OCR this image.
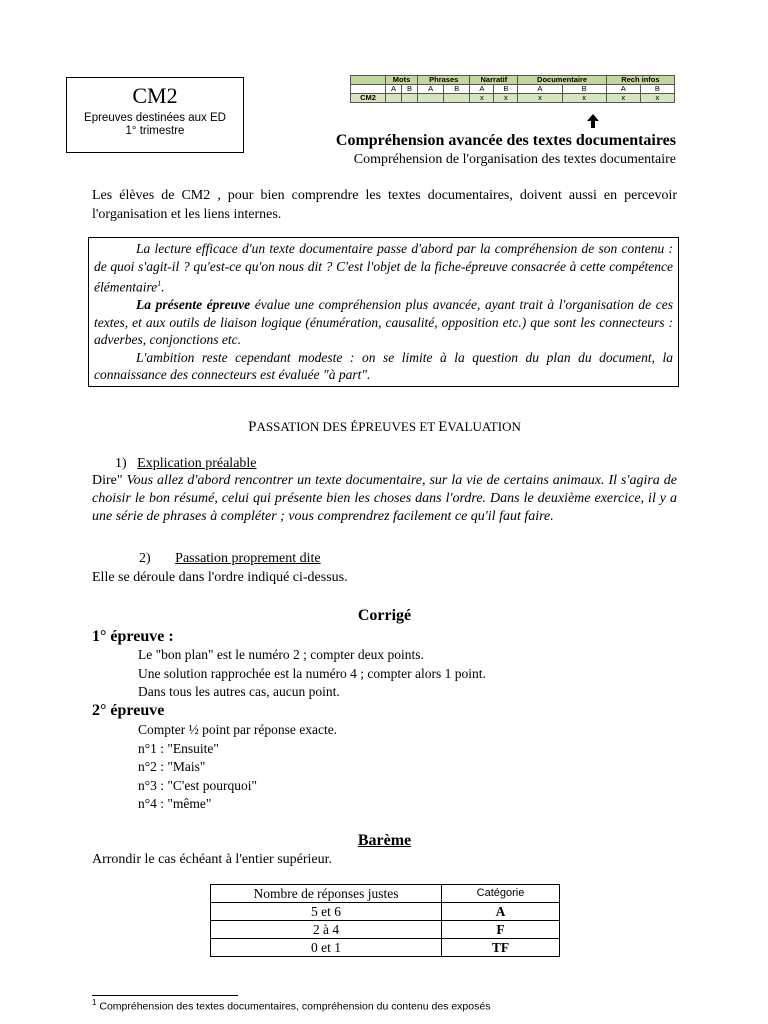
CM2
Epreuves destinées aux ED
1° trimestre
	Mots		Phrases		Narratif		Documentaire		Rech infos	
	A	B	A	B	A	B	A	B	A	B
CM2					x	x	x	x	x	x
Compréhension avancée des textes documentaires
Compréhension de l'organisation des textes documentaire
Les élèves de CM2 , pour bien comprendre les textes documentaires, doivent aussi en percevoir l'organisation et les liens internes.

La lecture efficace d'un texte documentaire passe d'abord par la compréhension de son contenu : de quoi s'agit-il ? qu'est-ce qu'on nous dit ? C'est l'objet de la fiche-épreuve consacrée à cette compétence élémentaire$^1$.

La présente épreuve évalue une compréhension plus avancée, ayant trait à l'organisation de ces textes, et aux outils de liaison logique (énumération, causalité, opposition etc.) que sont les connecteurs : adverbes, conjonctions etc.

L'ambition reste cependant modeste : on se limite à la question du plan du document, la connaissance des connecteurs est évaluée "à part".

PASSATION DES ÉPREUVES ET EVALUATION
1) Explication préalable
Dire" Vous allez d'abord rencontrer un texte documentaire, sur la vie de certains animaux. Il s'agira de choisir le bon résumé, celui qui présente bien les choses dans l'ordre. Dans le deuxième exercice, il y a une série de phrases à compléter ; vous comprendrez facilement ce qu'il faut faire.
2) Passation proprement dite
Elle se déroule dans l'ordre indiqué ci-dessus.
Corrigé
1° épreuve :
Le "bon plan" est le numéro 2 ; compter deux points.
Une solution rapprochée est la numéro 4 ; compter alors 1 point.
Dans tous les autres cas, aucun point.
2° épreuve
Compter ½ point par réponse exacte.
n°1 : "Ensuite"
n°2 : "Mais"
n°3 : "C'est pourquoi"
n°4 : "même"
Barème
Arrondir le cas échéant à l'entier supérieur.
Nombre de réponses justes	Catégorie
5 et 6	A
2 à 4	F
0 et 1	TF
$^1$ Compréhension des textes documentaires, compréhension du contenu des exposés
